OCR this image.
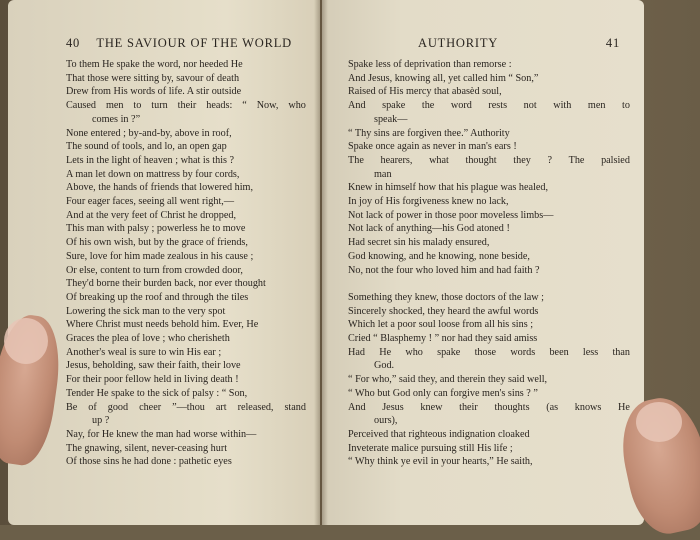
40 THE SAVIOUR OF THE WORLD
To them He spake the word, nor heeded He
That those were sitting by, savour of death
Drew from His words of life. A stir outside
Caused men to turn their heads: “ Now, who
comes in ?”
None entered ; by-and-by, above in roof,
The sound of tools, and lo, an open gap
Lets in the light of heaven ; what is this ?
A man let down on mattress by four cords,
Above, the hands of friends that lowered him,
Four eager faces, seeing all went right,—
And at the very feet of Christ he dropped,
This man with palsy ; powerless he to move
Of his own wish, but by the grace of friends,
Sure, love for him made zealous in his cause ;
Or else, content to turn from crowded door,
They'd borne their burden back, nor ever thought
Of breaking up the roof and through the tiles
Lowering the sick man to the very spot
Where Christ must needs behold him. Ever, He
Graces the plea of love ; who cherisheth
Another's weal is sure to win His ear ;
Jesus, beholding, saw their faith, their love
For their poor fellow held in living death !
Tender He spake to the sick of palsy : “ Son,
Be of good cheer ”—thou art released, stand
up ?
Nay, for He knew the man had worse within—
The gnawing, silent, never-ceasing hurt
Of those sins he had done : pathetic eyes
AUTHORITY	41
Spake less of deprivation than remorse :
And Jesus, knowing all, yet called him “ Son,”
Raised of His mercy that abasèd soul,
And spake the word rests not with men to
speak—
“ Thy sins are forgiven thee.” Authority
Spake once again as never in man's ears !
The hearers, what thought they ? The palsied
man
Knew in himself how that his plague was healed,
In joy of His forgiveness knew no lack,
Not lack of power in those poor moveless limbs—
Not lack of anything—his God atoned !
Had secret sin his malady ensured,
God knowing, and he knowing, none beside,
No, not the four who loved him and had faith ?
Something they knew, those doctors of the law ;
Sincerely shocked, they heard the awful words
Which let a poor soul loose from all his sins ;
Cried “ Blasphemy ! ” nor had they said amiss
Had He who spake those words been less than
God.
“ For who,” said they, and therein they said well,
“ Who but God only can forgive men's sins ? ”
And Jesus knew their thoughts (as knows He
ours),
Perceived that righteous indignation cloaked
Inveterate malice pursuing still His life ;
“ Why think ye evil in your hearts,” He saith,
